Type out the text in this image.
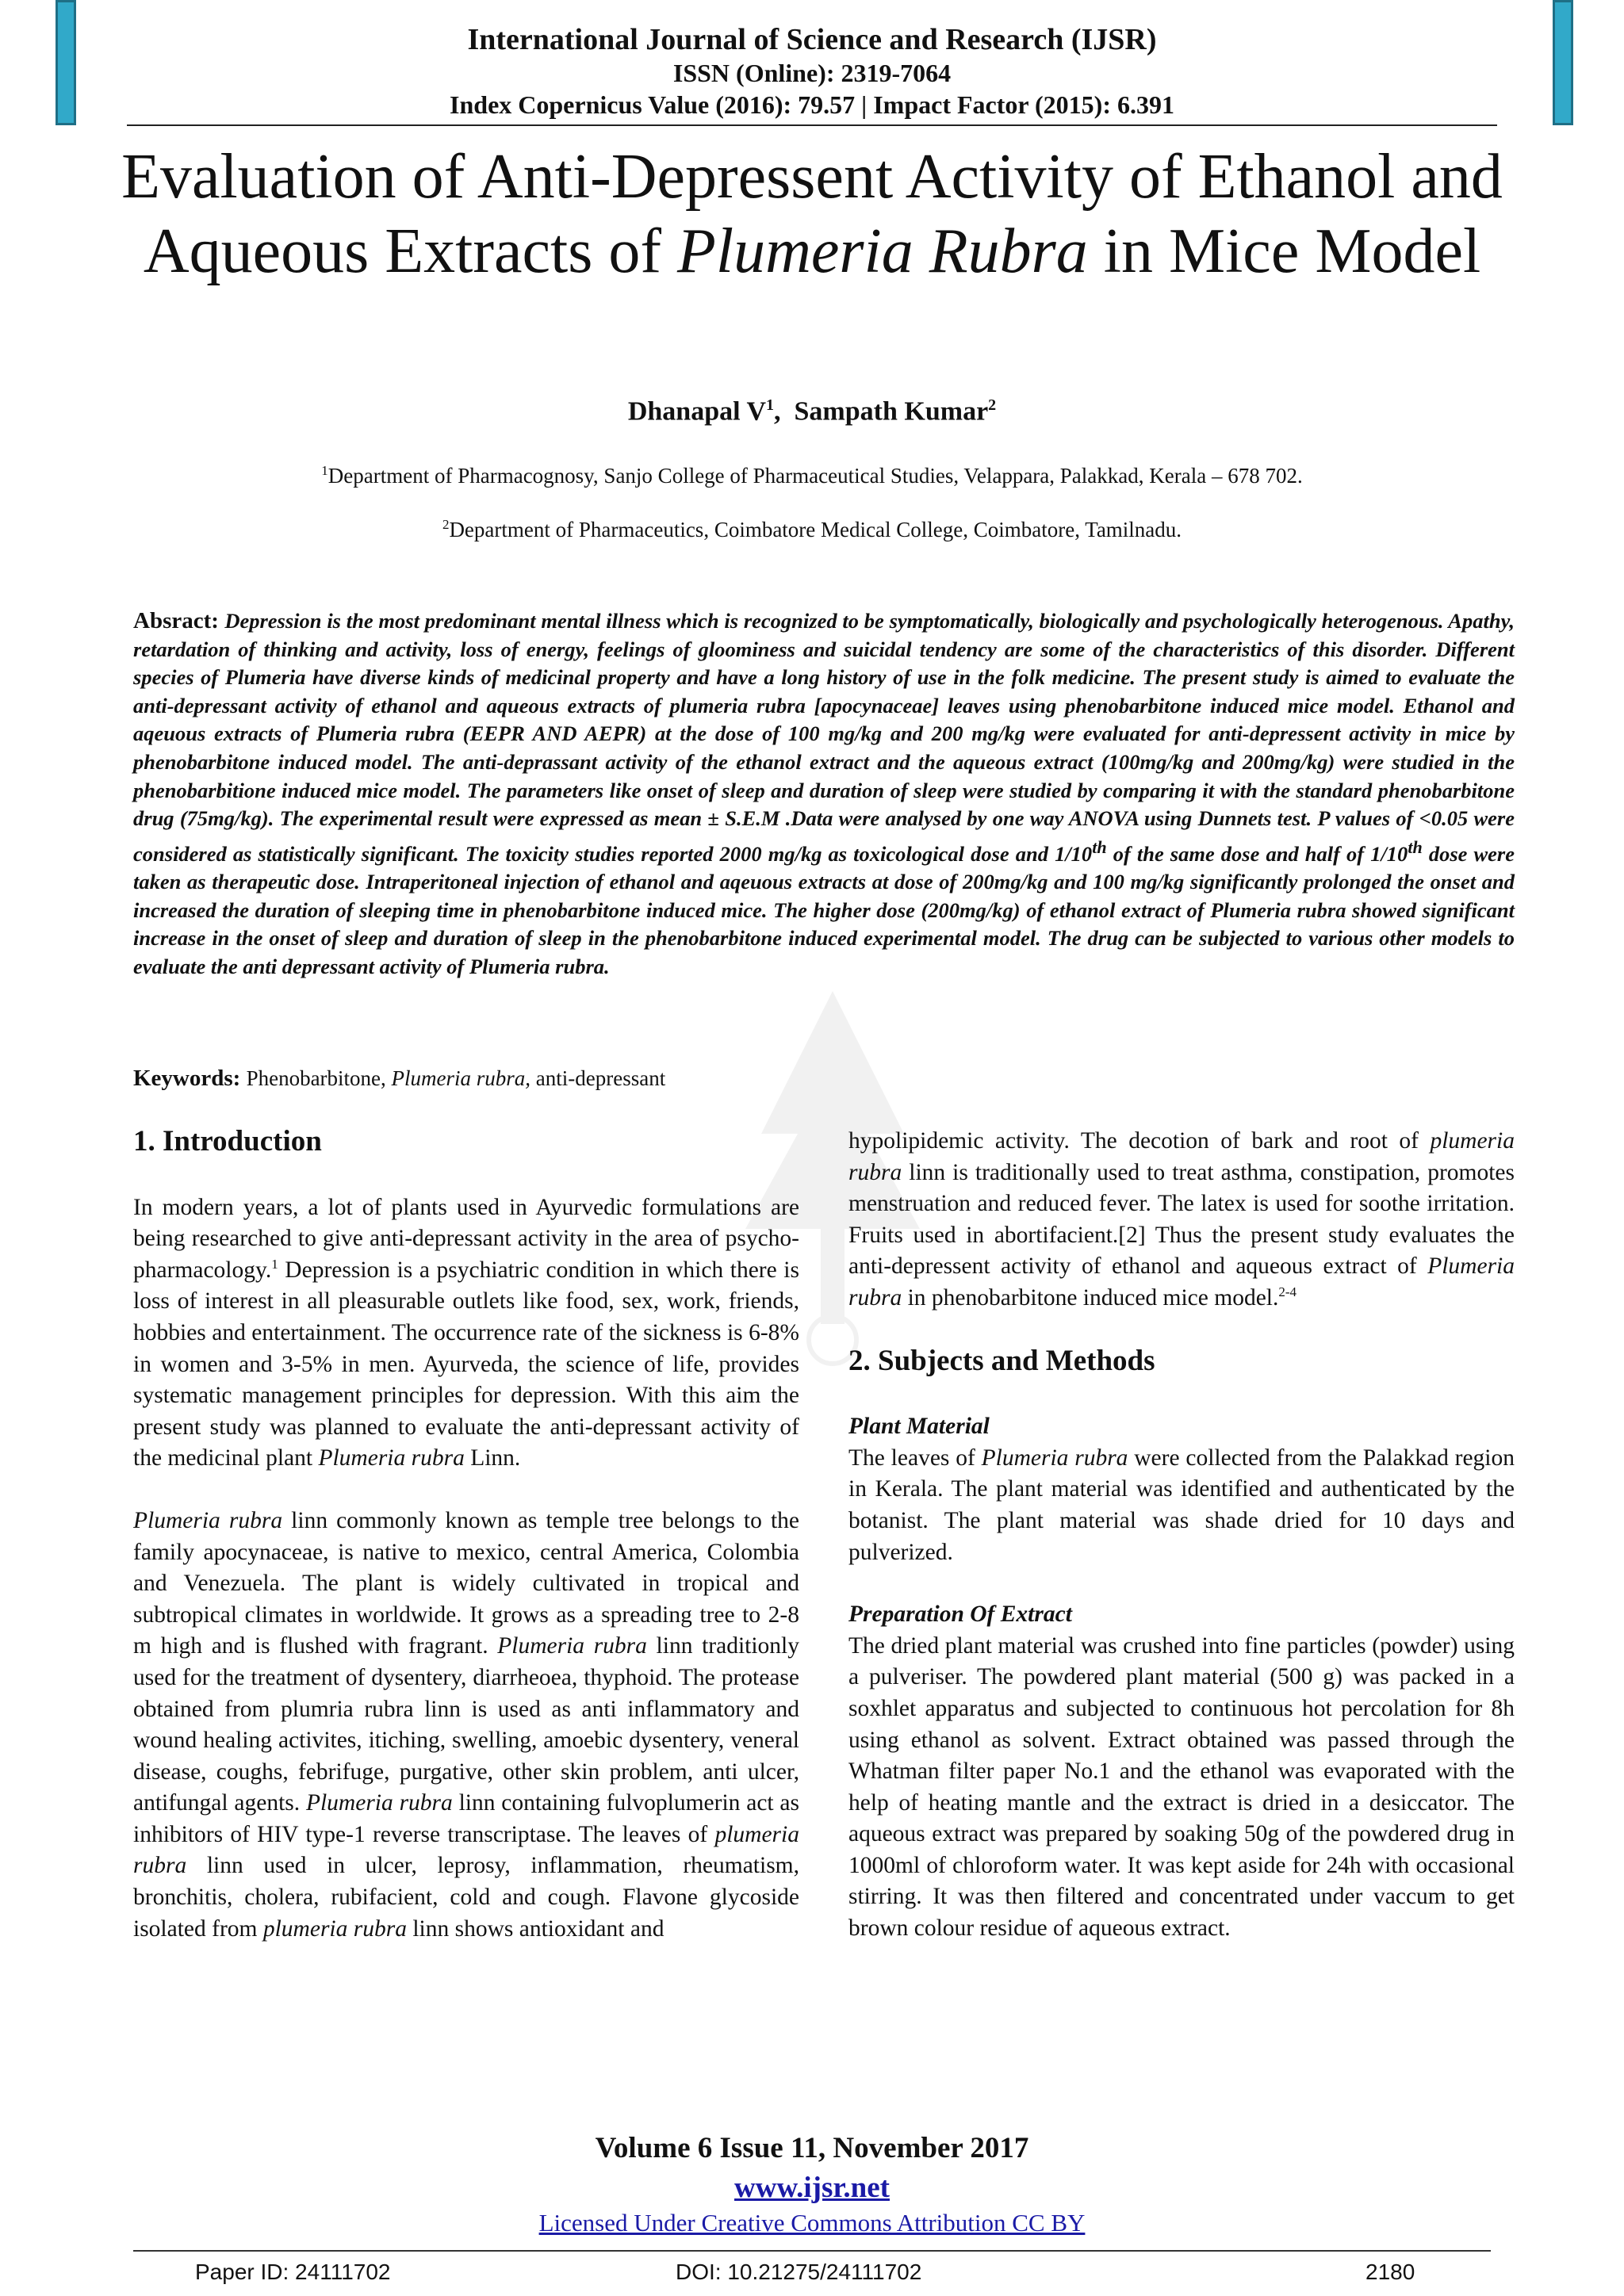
International Journal of Science and Research (IJSR)
ISSN (Online): 2319-7064
Index Copernicus Value (2016): 79.57 | Impact Factor (2015): 6.391
Evaluation of Anti-Depressent Activity of Ethanol and Aqueous Extracts of Plumeria Rubra in Mice Model
Dhanapal $V^1$,  Sampath Kumar$^2$
$^1$Department of Pharmacognosy, Sanjo College of Pharmaceutical Studies, Velappara, Palakkad, Kerala – 678 702.
$^2$Department of Pharmaceutics, Coimbatore Medical College, Coimbatore, Tamilnadu.
Absract: Depression is the most predominant mental illness which is recognized to be symptomatically, biologically and psychologically heterogenous. Apathy, retardation of thinking and activity, loss of energy, feelings of gloominess and suicidal tendency are some of the characteristics of this disorder. Different species of Plumeria have diverse kinds of medicinal property and have a long history of use in the folk medicine. The present study is aimed to evaluate the anti-depressant activity of ethanol and aqueous extracts of plumeria rubra [apocynaceae] leaves using phenobarbitone induced mice model. Ethanol and aqeuous extracts of Plumeria rubra (EEPR AND AEPR) at the dose of 100 mg/kg and 200 mg/kg were evaluated for anti-depressent activity in mice by phenobarbitone induced model. The anti-deprassant activity of the ethanol extract and the aqueous extract (100mg/kg and 200mg/kg) were studied in the phenobarbitione induced mice model. The parameters like onset of sleep and duration of sleep were studied by comparing it with the standard phenobarbitone drug (75mg/kg). The experimental result were expressed as mean ± S.E.M .Data were analysed by one way ANOVA using Dunnets test. P values of <0.05 were considered as statistically significant. The toxicity studies reported 2000 mg/kg as toxicological dose and 1/10th of the same dose and half of 1/10th dose were taken as therapeutic dose. Intraperitoneal injection of ethanol and aqeuous extracts at dose of 200mg/kg and 100 mg/kg significantly prolonged the onset and increased the duration of sleeping time in phenobarbitone induced mice. The higher dose (200mg/kg) of ethanol extract of Plumeria rubra showed significant increase in the onset of sleep and duration of sleep in the phenobarbitone induced experimental model. The drug can be subjected to various other models to evaluate the anti depressant activity of Plumeria rubra.
Keywords: Phenobarbitone, Plumeria rubra, anti-depressant
1. Introduction

In modern years, a lot of plants used in Ayurvedic formulations are being researched to give anti-depressant activity in the area of psycho-pharmacology.$^1$ Depression is a psychiatric condition in which there is loss of interest in all pleasurable outlets like food, sex, work, friends, hobbies and entertainment. The occurrence rate of the sickness is 6-8% in women and 3-5% in men. Ayurveda, the science of life, provides systematic management principles for depression. With this aim the present study was planned to evaluate the anti-depressant activity of the medicinal plant Plumeria rubra Linn.

Plumeria rubra linn commonly known as temple tree belongs to the family apocynaceae, is native to mexico, central America, Colombia and Venezuela. The plant is widely cultivated in tropical and subtropical climates in worldwide. It grows as a spreading tree to 2-8 m high and is flushed with fragrant. Plumeria rubra linn traditionly used for the treatment of dysentery, diarrheoea, thyphoid. The protease obtained from plumria rubra linn is used as anti inflammatory and wound healing activites, itiching, swelling, amoebic dysentery, veneral disease, coughs, febrifuge, purgative, other skin problem, anti ulcer, antifungal agents. Plumeria rubra linn containing fulvoplumerin act as inhibitors of HIV type-1 reverse transcriptase. The leaves of plumeria rubra linn used in ulcer, leprosy, inflammation, rheumatism, bronchitis, cholera, rubifacient, cold and cough. Flavone glycoside isolated from plumeria rubra linn shows antioxidant and

hypolipidemic activity. The decotion of bark and root of plumeria rubra linn is traditionally used to treat asthma, constipation, promotes menstruation and reduced fever. The latex is used for soothe irritation. Fruits used in abortifacient.[2] Thus the present study evaluates the anti-depressent activity of ethanol and aqueous extract of Plumeria rubra in phenobarbitone induced mice model.$^{2-4}$

2. Subjects and Methods
Plant Material

The leaves of Plumeria rubra were collected from the Palakkad region in Kerala. The plant material was identified and authenticated by the botanist. The plant material was shade dried for 10 days and pulverized.

Preparation Of Extract

The dried plant material was crushed into fine particles (powder) using a pulveriser. The powdered plant material (500 g) was packed in a soxhlet apparatus and subjected to continuous hot percolation for 8h using ethanol as solvent. Extract obtained was passed through the Whatman filter paper No.1 and the ethanol was evaporated with the help of heating mantle and the extract is dried in a desiccator. The aqueous extract was prepared by soaking 50g of the powdered drug in 1000ml of chloroform water. It was kept aside for 24h with occasional stirring. It was then filtered and concentrated under vaccum to get brown colour residue of aqueous extract.

Volume 6 Issue 11, November 2017
www.ijsr.net
Licensed Under Creative Commons Attribution CC BY
Paper ID: 24111702	DOI: 10.21275/24111702	2180
